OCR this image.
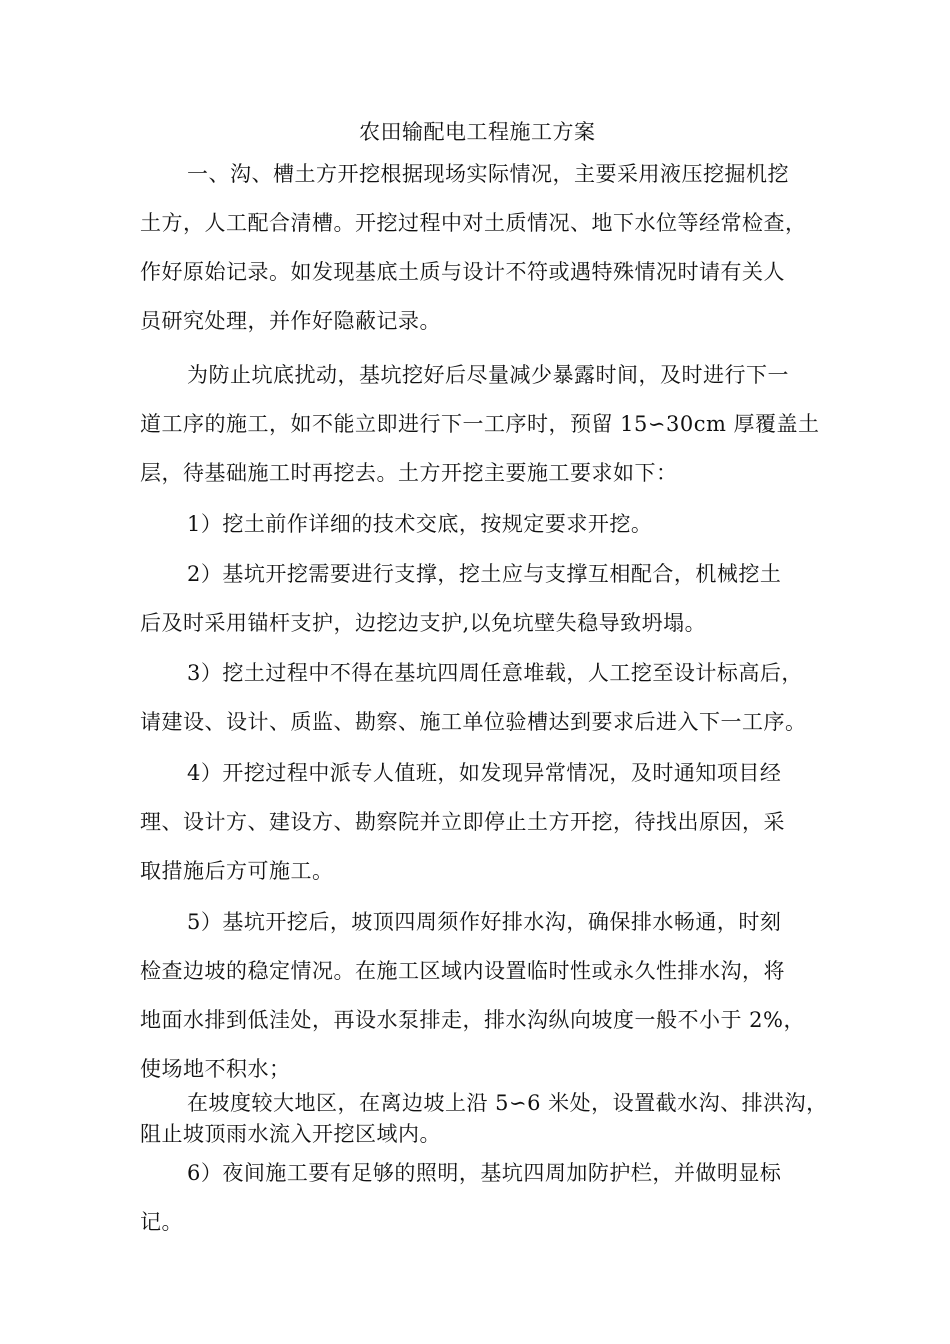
农田输配电工程施工方案
一、沟、槽土方开挖根据现场实际情况，主要采用液压挖掘机挖
土方，人工配合清槽。开挖过程中对土质情况、地下水位等经常检查，
作好原始记录。如发现基底土质与设计不符或遇特殊情况时请有关人
员研究处理，并作好隐蔽记录。
为防止坑底扰动，基坑挖好后尽量减少暴露时间，及时进行下一
道工序的施工，如不能立即进行下一工序时，预留 15∽30cm 厚覆盖土
层，待基础施工时再挖去。土方开挖主要施工要求如下：
1）挖土前作详细的技术交底，按规定要求开挖。
2）基坑开挖需要进行支撑，挖土应与支撑互相配合，机械挖土
后及时采用锚杆支护，边挖边支护,以免坑壁失稳导致坍塌。
3）挖土过程中不得在基坑四周任意堆载，人工挖至设计标高后，
请建设、设计、质监、勘察、施工单位验槽达到要求后进入下一工序。
4）开挖过程中派专人值班，如发现异常情况，及时通知项目经
理、设计方、建设方、勘察院并立即停止土方开挖，待找出原因，采
取措施后方可施工。
5）基坑开挖后，坡顶四周须作好排水沟，确保排水畅通，时刻
检查边坡的稳定情况。在施工区域内设置临时性或永久性排水沟，将
地面水排到低洼处，再设水泵排走，排水沟纵向坡度一般不小于 2%，
使场地不积水；
在坡度较大地区，在离边坡上沿 5∽6 米处，设置截水沟、排洪沟，
阻止坡顶雨水流入开挖区域内。
6）夜间施工要有足够的照明，基坑四周加防护栏，并做明显标
记。
